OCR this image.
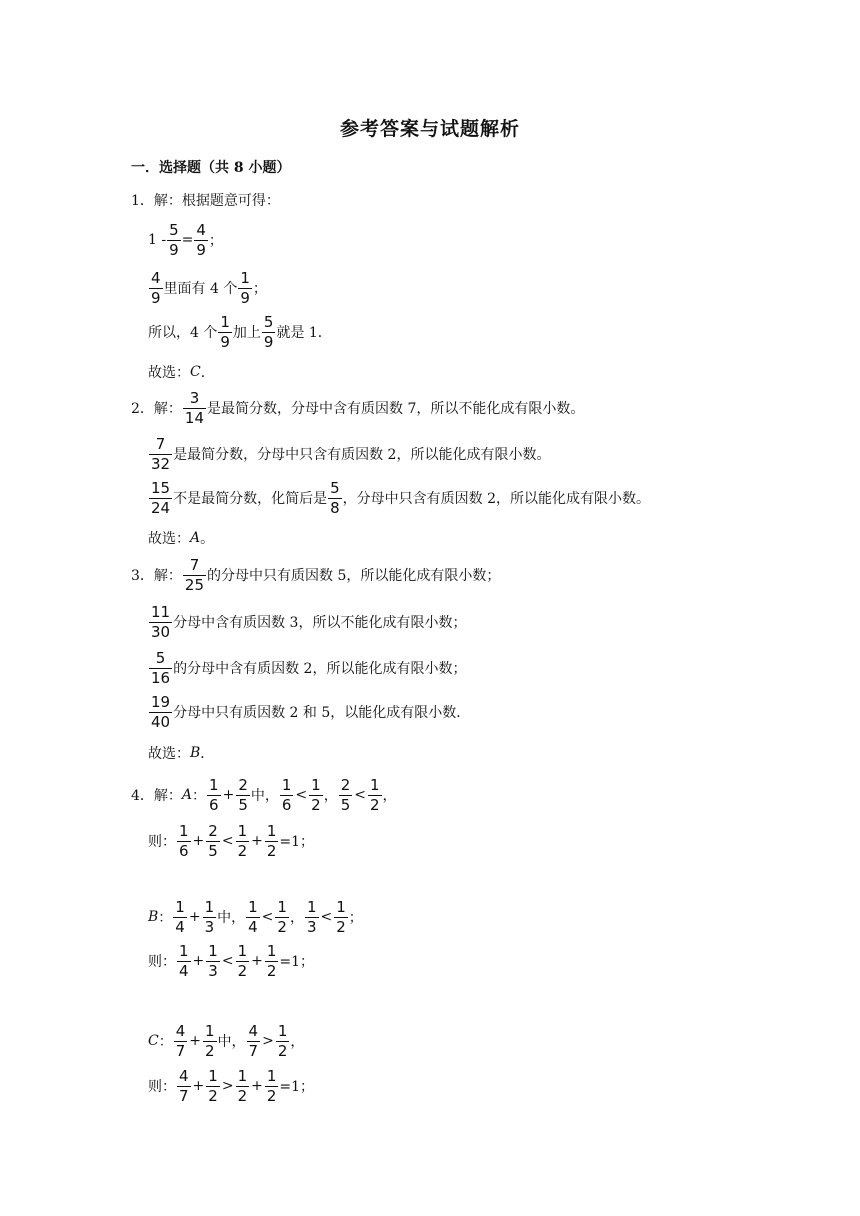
参考答案与试题解析
一．选择题（共 8 小题）
1．解：根据题意可得：
$1 - \frac{5}{9} = \frac{4}{9}$ ；
$\frac{4}{9}$ 里面有 4 个 $\frac{1}{9}$ ；
所以，4 个 $\frac{1}{9}$ 加上 $\frac{5}{9}$ 就是 1．
故选： C ．
2．解： $\frac{3}{14}$ 是最简分数，分母中含有质因数 7，所以不能化成有限小数。
$\frac{7}{32}$ 是最简分数，分母中只含有质因数 2，所以能化成有限小数。
$\frac{15}{24}$ 不是最简分数，化简后是 $\frac{5}{8}$ ，分母中只含有质因数 2，所以能化成有限小数。
故选： A 。
3．解： $\frac{7}{25}$ 的分母中只有质因数 5，所以能化成有限小数；
$\frac{11}{30}$ 分母中含有质因数 3，所以不能化成有限小数；
$\frac{5}{16}$ 的分母中含有质因数 2，所以能化成有限小数；
$\frac{19}{40}$ 分母中只有质因数 2 和 5，以能化成有限小数．
故选： B ．
4．解： A ： $\frac{1}{6} + \frac{2}{5}$ 中， $\frac{1}{6} < \frac{1}{2}$ ， $\frac{2}{5} < \frac{1}{2}$ ，
则： $\frac{1}{6} + \frac{2}{5} < \frac{1}{2} + \frac{1}{2} =1$；
B ： $\frac{1}{4} + \frac{1}{3}$ 中， $\frac{1}{4} < \frac{1}{2}$ ， $\frac{1}{3} < \frac{1}{2}$ ；
则： $\frac{1}{4} + \frac{1}{3} < \frac{1}{2} + \frac{1}{2} =1$；
C ： $\frac{4}{7} + \frac{1}{2}$ 中， $\frac{4}{7} > \frac{1}{2}$ ，
则： $\frac{4}{7} + \frac{1}{2} > \frac{1}{2} + \frac{1}{2} =1$；
